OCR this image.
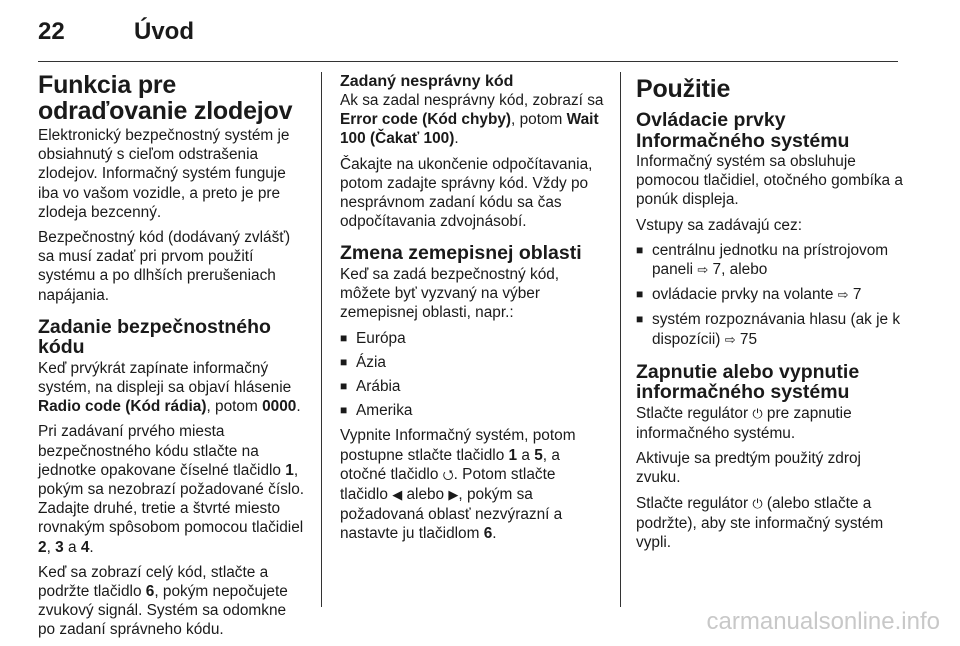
22	Úvod
Funkcia pre odraďovanie zlodejov

Elektronický bezpečnostný systém je obsiahnutý s cieľom odstrašenia zlodejov. Informačný systém funguje iba vo vašom vozidle, a preto je pre zlodeja bezcenný.

Bezpečnostný kód (dodávaný zvlášť) sa musí zadať pri prvom použití systému a po dlhších prerušeniach napájania.

Zadanie bezpečnostného kódu

Keď prvýkrát zapínate informačný systém, na displeji sa objaví hlásenie Radio code (Kód rádia), potom 0000.

Pri zadávaní prvého miesta bezpečnostného kódu stlačte na jednotke opakovane číselné tlačidlo 1, pokým sa nezobrazí požadované číslo. Zadajte druhé, tretie a štvrté miesto rovnakým spôsobom pomocou tlačidiel 2, 3 a 4.

Keď sa zobrazí celý kód, stlačte a podržte tlačidlo 6, pokým nepočujete zvukový signál. Systém sa odomkne po zadaní správneho kódu.

Zadaný nesprávny kód

Ak sa zadal nesprávny kód, zobrazí sa Error code (Kód chyby), potom Wait 100 (Čakať 100).

Čakajte na ukončenie odpočítavania, potom zadajte správny kód. Vždy po nesprávnom zadaní kódu sa čas odpočítavania zdvojnásobí.

Zmena zemepisnej oblasti

Keď sa zadá bezpečnostný kód, môžete byť vyzvaný na výber zemepisnej oblasti, napr.:

■ Európa
■ Ázia
■ Arábia
■ Amerika

Vypnite Informačný systém, potom postupne stlačte tlačidlo 1 a 5, a otočné tlačidlo ⭯. Potom stlačte tlačidlo ◀ alebo ▶, pokým sa požadovaná oblasť nezvýrazní a nastavte ju tlačidlom 6.

Použitie
Ovládacie prvky Informačného systému

Informačný systém sa obsluhuje pomocou tlačidiel, otočného gombíka a ponúk displeja.

Vstupy sa zadávajú cez:

■ centrálnu jednotku na prístrojovom paneli ⇨ 7, alebo
■ ovládacie prvky na volante ⇨ 7
■ systém rozpoznávania hlasu (ak je k dispozícii) ⇨ 75
Zapnutie alebo vypnutie informačného systému

Stlačte regulátor ⏻ pre zapnutie informačného systému.

Aktivuje sa predtým použitý zdroj zvuku.

Stlačte regulátor ⏻ (alebo stlačte a podržte), aby ste informačný systém vypli.

carmanualsonline.info
